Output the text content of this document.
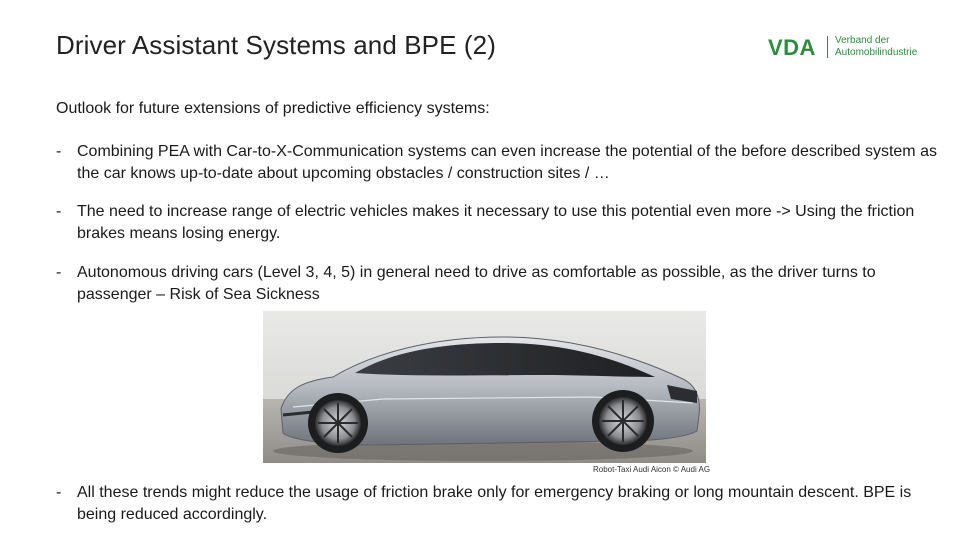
Driver Assistant Systems and BPE (2)	VDA Verband der
Automobilindustrie
Outlook for future extensions of predictive efficiency systems:
- Combining PEA with Car-to-X-Communication systems can even increase the potential of the before described system as the car knows up-to-date about upcoming obstacles / construction sites / …
- The need to increase range of electric vehicles makes it necessary to use this potential even more -> Using the friction brakes means losing energy.
- Autonomous driving cars (Level 3, 4, 5) in general need to drive as comfortable as possible, as the driver turns to passenger – Risk of Sea Sickness
Robot-Taxi Audi Aicon © Audi AG
- All these trends might reduce the usage of friction brake only for emergency braking or long mountain descent. BPE is being reduced accordingly.
